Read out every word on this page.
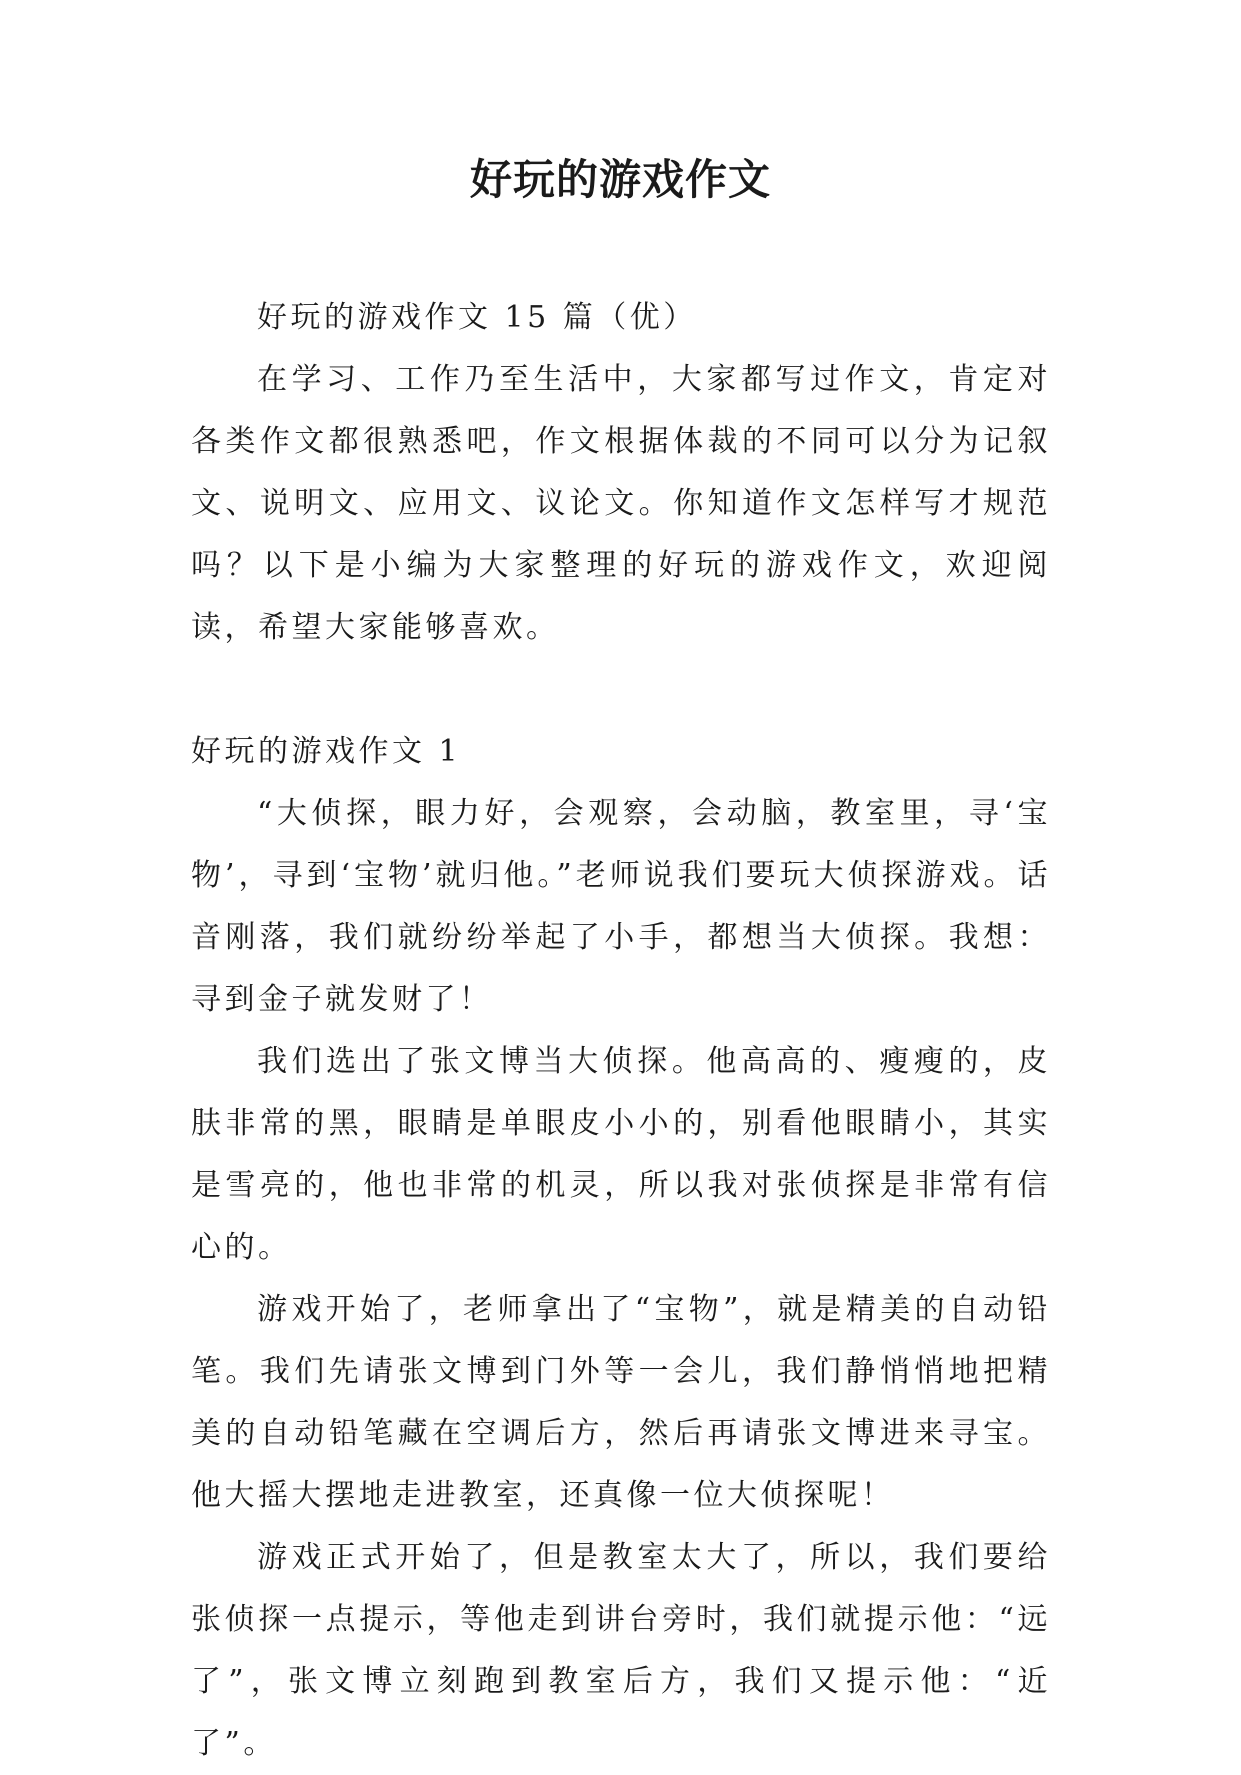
好玩的游戏作文

好玩的游戏作文 15 篇（优）

在学习、工作乃至生活中，大家都写过作文，肯定对各类作文都很熟悉吧，作文根据体裁的不同可以分为记叙文、说明文、应用文、议论文。你知道作文怎样写才规范吗？以下是小编为大家整理的好玩的游戏作文，欢迎阅读，希望大家能够喜欢。

好玩的游戏作文 1

“大侦探，眼力好，会观察，会动脑，教室里，寻‘宝物’，寻到‘宝物’就归他。”老师说我们要玩大侦探游戏。话音刚落，我们就纷纷举起了小手，都想当大侦探。我想：寻到金子就发财了！

我们选出了张文博当大侦探。他高高的、瘦瘦的，皮肤非常的黑，眼睛是单眼皮小小的，别看他眼睛小，其实是雪亮的，他也非常的机灵，所以我对张侦探是非常有信心的。

游戏开始了，老师拿出了“宝物”，就是精美的自动铅笔。我们先请张文博到门外等一会儿，我们静悄悄地把精美的自动铅笔藏在空调后方，然后再请张文博进来寻宝。他大摇大摆地走进教室，还真像一位大侦探呢！

游戏正式开始了，但是教室太大了，所以，我们要给张侦探一点提示，等他走到讲台旁时，我们就提示他：“远了”，张文博立刻跑到教室后方，我们又提示他：“近了”。
